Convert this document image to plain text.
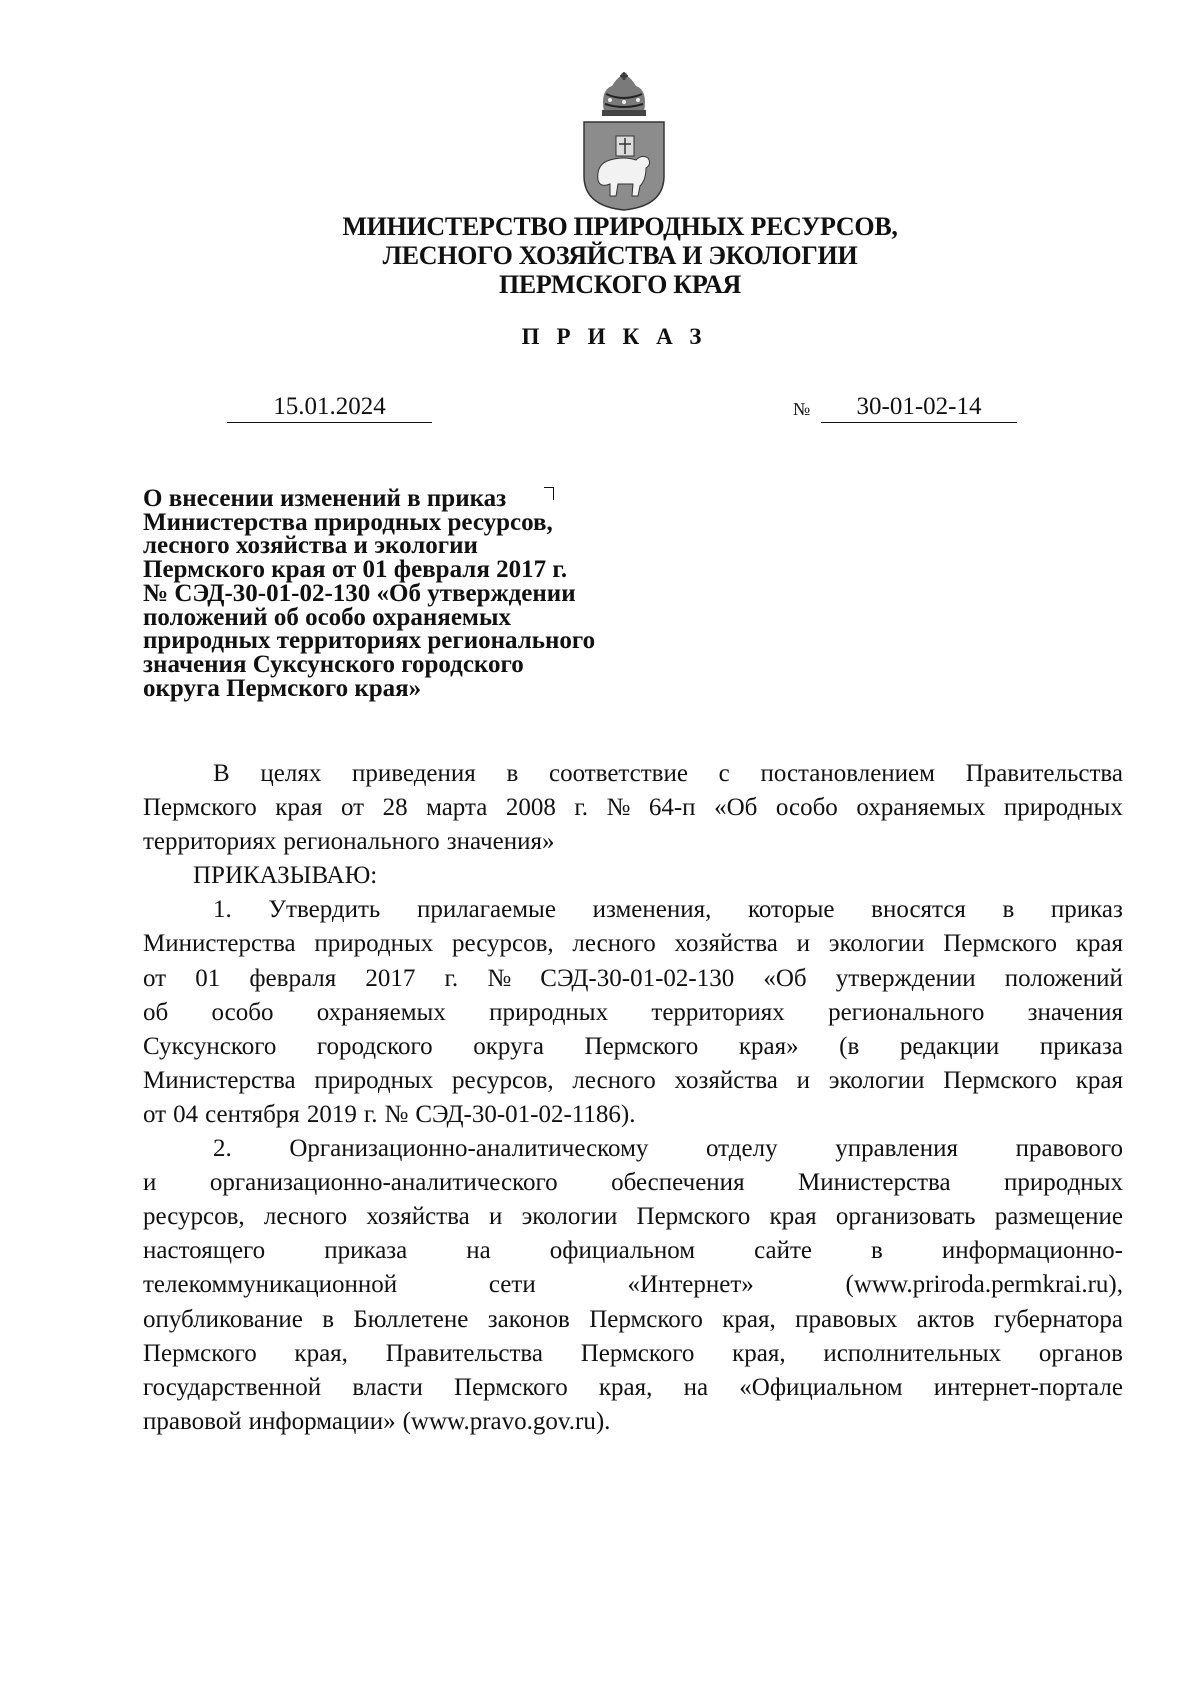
МИНИСТЕРСТВО ПРИРОДНЫХ РЕСУРСОВ,
ЛЕСНОГО ХОЗЯЙСТВА И ЭКОЛОГИИ
ПЕРМСКОГО КРАЯ
ПРИКАЗ
15.01.2024	№	30-01-02-14
О внесении изменений в приказ
Министерства природных ресурсов,
лесного хозяйства и экологии
Пермского края от 01 февраля 2017 г.
№ СЭД-30-01-02-130 «Об утверждении
положений об особо охраняемых
природных территориях регионального
значения Суксунского городского
округа Пермского края»
В целях приведения в соответствие с постановлением Правительства
Пермского края от 28 марта 2008 г. № 64-п «Об особо охраняемых природных
территориях регионального значения»
ПРИКАЗЫВАЮ:
1. Утвердить прилагаемые изменения, которые вносятся в приказ
Министерства природных ресурсов, лесного хозяйства и экологии Пермского края
от 01 февраля 2017 г. № СЭД-30-01-02-130 «Об утверждении положений
об особо охраняемых природных территориях регионального значения
Суксунского городского округа Пермского края» (в редакции приказа
Министерства природных ресурсов, лесного хозяйства и экологии Пермского края
от 04 сентября 2019 г. № СЭД-30-01-02-1186).
2. Организационно-аналитическому отделу управления правового
и организационно-аналитического обеспечения Министерства природных
ресурсов, лесного хозяйства и экологии Пермского края организовать размещение
настоящего приказа на официальном сайте в информационно-
телекоммуникационной	сети	«Интернет»	(www.priroda.permkrai.ru),
опубликование в Бюллетене законов Пермского края, правовых актов губернатора
Пермского края, Правительства Пермского края, исполнительных органов
государственной власти Пермского края, на «Официальном интернет-портале
правовой информации» (www.pravo.gov.ru).
